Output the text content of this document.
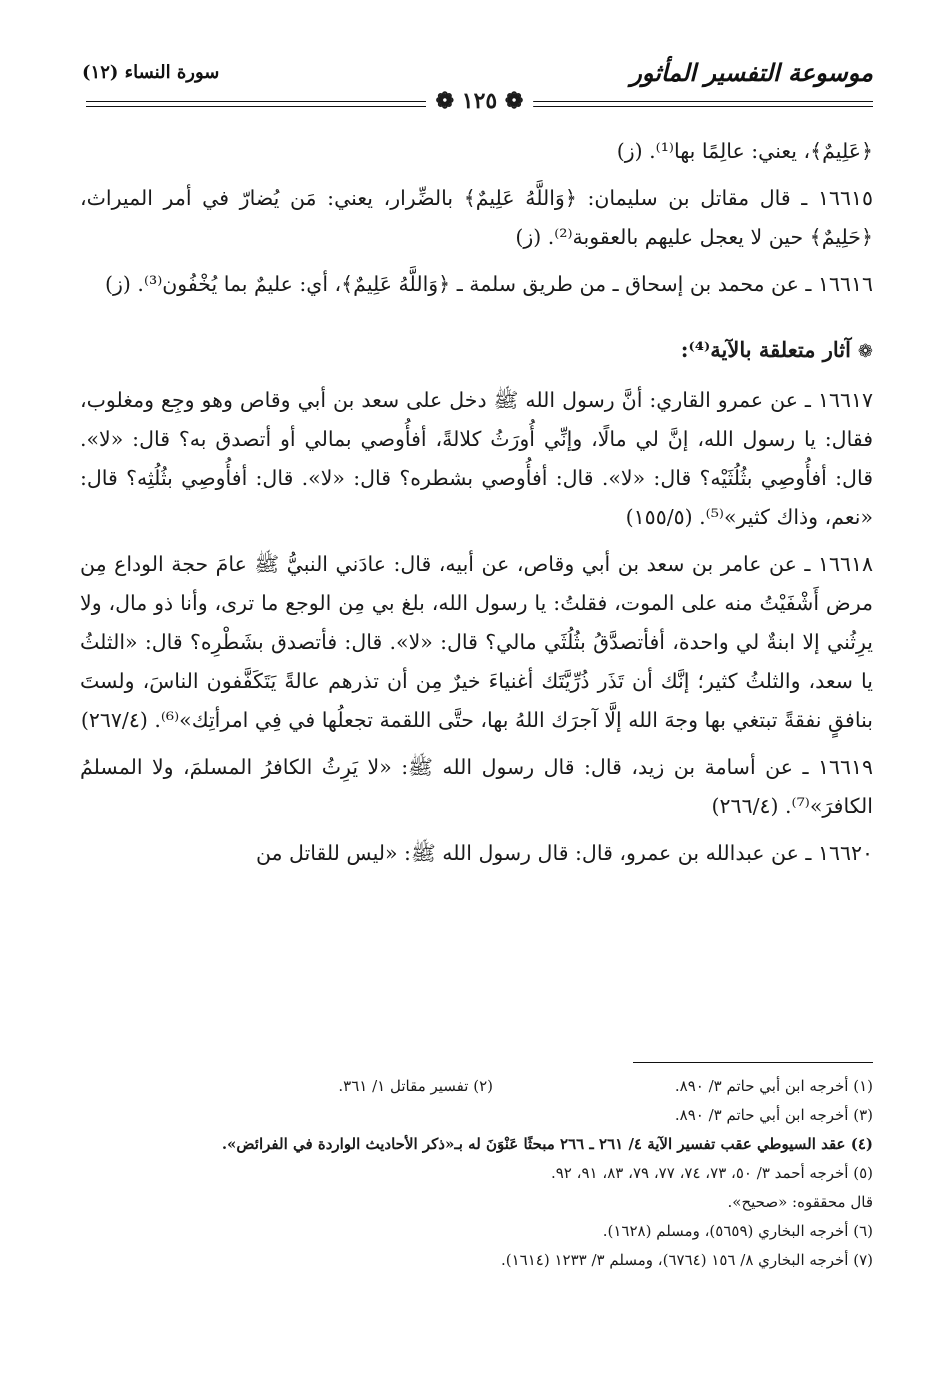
موسوعة التفسير المأثور
سورة النساء (١٢)
❁ ١٢٥ ❁

﴿عَلِيمٌ﴾، يعني: عالِمًا بها⁽¹⁾. (ز)

١٦٦١٥ ـ قال مقاتل بن سليمان: ﴿وَاللَّهُ عَلِيمٌ﴾ بالضِّرار، يعني: مَن يُضارّ في أمر الميراث، ﴿حَلِيمٌ﴾ حين لا يعجل عليهم بالعقوبة⁽²⁾. (ز)

١٦٦١٦ ـ عن محمد بن إسحاق ـ من طريق سلمة ـ ﴿وَاللَّهُ عَلِيمٌ﴾، أي: عليمٌ بما يُخْفُون⁽³⁾. (ز)

❁آثار متعلقة بالآية⁽⁴⁾:

١٦٦١٧ ـ عن عمرو القاري: أنَّ رسول الله ﷺ دخل على سعد بن أبي وقاص وهو وجِع ومغلوب، فقال: يا رسول الله، إنَّ لي مالًا، وإنِّي أُورَثُ كلالةً، أفأُوصي بمالي أو أتصدق به؟ قال: «لا». قال: أفأُوصِي بثُلُثَيْه؟ قال: «لا». قال: أفأُوصي بشطره؟ قال: «لا». قال: أفأُوصِي بثُلُثِه؟ قال: «نعم، وذاك كثير»⁽⁵⁾. (١٥٥/٥)

١٦٦١٨ ـ عن عامر بن سعد بن أبي وقاص، عن أبيه، قال: عادَني النبيُّ ﷺ عامَ حجة الوداع مِن مرض أَشْفَيْتُ منه على الموت، فقلتُ: يا رسول الله، بلغ بي مِن الوجع ما ترى، وأنا ذو مال، ولا يرِثُني إلا ابنةٌ لي واحدة، أفأتصدَّقُ بثُلُثَي مالي؟ قال: «لا». قال: فأتصدق بشَطْرِه؟ قال: «الثلثُ يا سعد، والثلثُ كثير؛ إنَّك أن تَذَر ذُرِّيَّتَك أغنياءَ خيرٌ مِن أن تذرهم عالةً يَتَكَفَّفون الناسَ، ولستَ بنافقٍ نفقةً تبتغي بها وجهَ الله إلَّا آجرَك اللهُ بها، حتَّى اللقمة تجعلُها في فِي امرأتِك»⁽⁶⁾. (٢٦٧/٤)

١٦٦١٩ ـ عن أسامة بن زيد، قال: قال رسول الله ﷺ: «لا يَرِثُ الكافرُ المسلمَ، ولا المسلمُ الكافرَ»⁽⁷⁾. (٢٦٦/٤)

١٦٦٢٠ ـ عن عبدالله بن عمرو، قال: قال رسول الله ﷺ: «ليس للقاتل من

(١) أخرجه ابن أبي حاتم ٣/ ٨٩٠.
(٢) تفسير مقاتل ١/ ٣٦١.
(٣) أخرجه ابن أبي حاتم ٣/ ٨٩٠.
(٤) عقد السيوطي عقب تفسير الآية ٤/ ٢٦١ ـ ٢٦٦ مبحثًا عَنْوَنَ له بـ«ذكر الأحاديث الواردة في الفرائض».
(٥) أخرجه أحمد ٣/ ٥٠، ٧٣، ٧٤، ٧٧، ٧٩، ٨٣، ٩١، ٩٢.
قال محققوه: «صحيح».
(٦) أخرجه البخاري (٥٦٥٩)، ومسلم (١٦٢٨).
(٧) أخرجه البخاري ٨/ ١٥٦ (٦٧٦٤)، ومسلم ٣/ ١٢٣٣ (١٦١٤).
